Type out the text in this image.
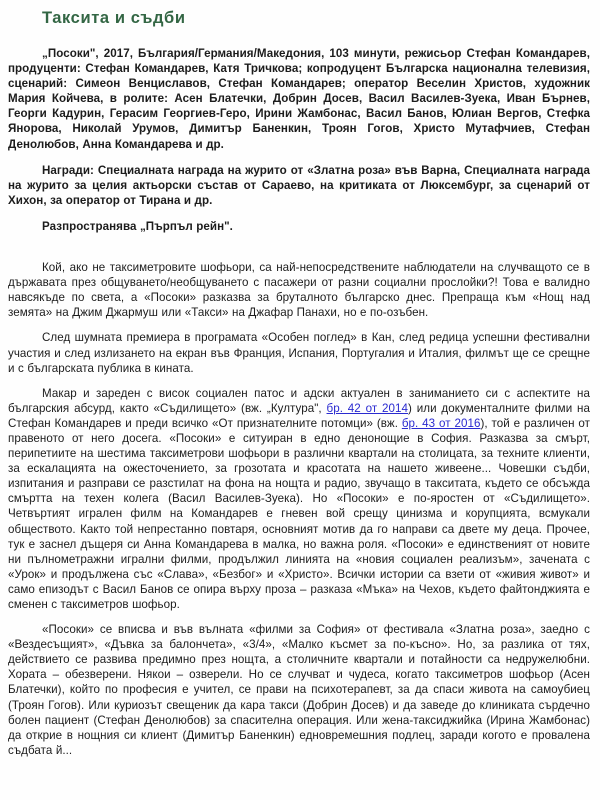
Такситa и съдби

„Посоки", 2017, България/Германия/Македония, 103 минути, режисьор Стефан Командарев, продуценти: Стефан Командарев, Катя Тричкова; копродуцент Българска национална телевизия, сценарий: Симеон Венциславов, Стефан Командарев; оператор Веселин Христов, художник Мария Койчева, в ролите: Асен Блатечки, Добрин Досев, Васил Василев-Зуека, Иван Бърнев, Георги Кадурин, Герасим Георгиев-Геро, Ирини Жамбонас, Васил Банов, Юлиан Вергов, Стефка Янорова, Николай Урумов, Димитър Баненкин, Троян Гогов, Христо Мутафчиев, Стефан Денолюбов, Анна Командарева и др.

Награди: Специалната награда на журито от «Златна роза» във Варна, Специалната награда на журито за целия актьорски състав от Сараево, на критиката от Люксембург, за сценарий от Хихон, за оператор от Тирана и др.

Разпространява „Пърпъл рейн".

Кой, ако не таксиметровите шофьори, са най-непосредствените наблюдатели на случващото се в държавата през общуването/необщуването с пасажери от разни социални прослойки?! Това е валидно навсякъде по света, а «Посоки» разказва за бруталното българско днес. Препраща към «Нощ над земята» на Джим Джармуш или «Такси» на Джафар Панахи, но е по-озъбен.

След шумната премиера в програмата «Особен поглед» в Кан, след редица успешни фестивални участия и след излизането на екран във Франция, Испания, Португалия и Италия, филмът ще се срещне и с българската публика в кината.

Макар и зареден с висок социален патос и адски актуален в заниманието си с аспектите на българския абсурд, както «Съдилището» (вж. „Култура", бр. 42 от 2014) или документалните филми на Стефан Командарев и преди всичко «От признателните потомци» (вж. бр. 43 от 2016), той е различен от правеното от него досега. «Посоки» е ситуиран в едно денонощие в София. Разказва за смърт, перипетиите на шестима таксиметрови шофьори в различни квартали на столицата, за техните клиенти, за ескалацията на ожесточението, за грозотата и красотата на нашето живеене... Човешки съдби, изпитания и разправи се разстилат на фона на нощта и радио, звучащо в такситата, където се обсъжда смъртта на техен колега (Васил Василев-Зуека). Но «Посоки» е по-яростен от «Съдилището». Четвъртият игрален филм на Командарев е гневен вой срещу цинизма и корупцията, всмукали обществото. Както той непрестанно повтаря, основният мотив да го направи са двете му деца. Прочее, тук е заснел дъщеря си Анна Командарева в малка, но важна роля. «Посоки» е единственият от новите ни пълнометражни игрални филми, продължил линията на «новия социален реализъм», зачената с «Урок» и продължена със «Слава», «Безбог» и «Христо». Всички истории са взети от «живия живот» и само епизодът с Васил Банов се опира върху проза – разказа «Мъка» на Чехов, където файтонджията е сменен с таксиметров шофьор.

«Посоки» се вписва и във вълната «филми за София» от фестивала «Златна роза», заедно с «Вездесъщият», «Дъвка за балончета», «3/4», «Малко късмет за по-късно». Но, за разлика от тях, действието се развива предимно през нощта, а столичните квартали и потайности са недружелюбни. Хората – обезверени. Някои – озверели. Но се случват и чудеса, когато таксиметров шофьор (Асен Блатечки), който по професия е учител, се прави на психотерапевт, за да спаси живота на самоубиец (Троян Гогов). Или куриозът свещеник да кара такси (Добрин Досев) и да заведе до клиниката сърдечно болен пациент (Стефан Денолюбов) за спасителна операция. Или жена-таксиджийка (Ирина Жамбонас) да открие в нощния си клиент (Димитър Баненкин) едновремешния подлец, заради когото е провалена съдбата й...
